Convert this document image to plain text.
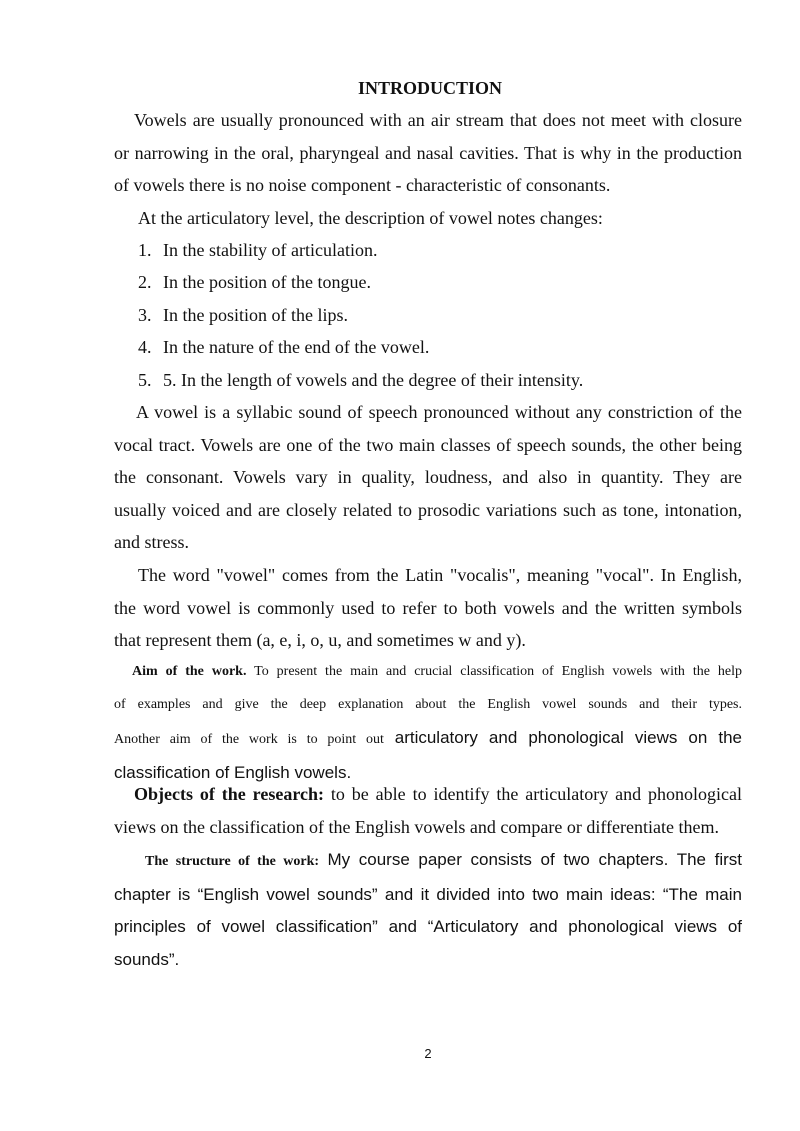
INTRODUCTION
Vowels are usually pronounced with an air stream that does not meet with closure
or narrowing in the oral, pharyngeal and nasal cavities. That is why in the production
of vowels there is no noise component - characteristic of consonants.
At the articulatory level, the description of vowel notes changes:
1. In the stability of articulation.
2. In the position of the tongue.
3. In the position of the lips.
4. In the nature of the end of the vowel.
5. 5. In the length of vowels and the degree of their intensity.
A vowel is a syllabic sound of speech pronounced without any constriction of the
vocal tract. Vowels are one of the two main classes of speech sounds, the other being
the consonant. Vowels vary in quality, loudness, and also in quantity. They are
usually voiced and are closely related to prosodic variations such as tone, intonation,
and stress.
The word "vowel" comes from the Latin "vocalis", meaning "vocal". In English,
the word vowel is commonly used to refer to both vowels and the written symbols
that represent them (a, e, i, o, u, and sometimes w and y).
Aim of the work. To present the main and crucial classification of English vowels with the help
of examples and give the deep explanation about the English vowel sounds and their types.
Another aim of the work is to point out articulatory and phonological views on the
classification of English vowels.
Objects of the research: to be able to identify the articulatory and phonological
views on the classification of the English vowels and compare or differentiate them.
The structure of the work: My course paper consists of two chapters. The first
chapter is “English vowel sounds” and it divided into two main ideas: “The main
principles of vowel classification” and “Articulatory and phonological views of
sounds”.
2
